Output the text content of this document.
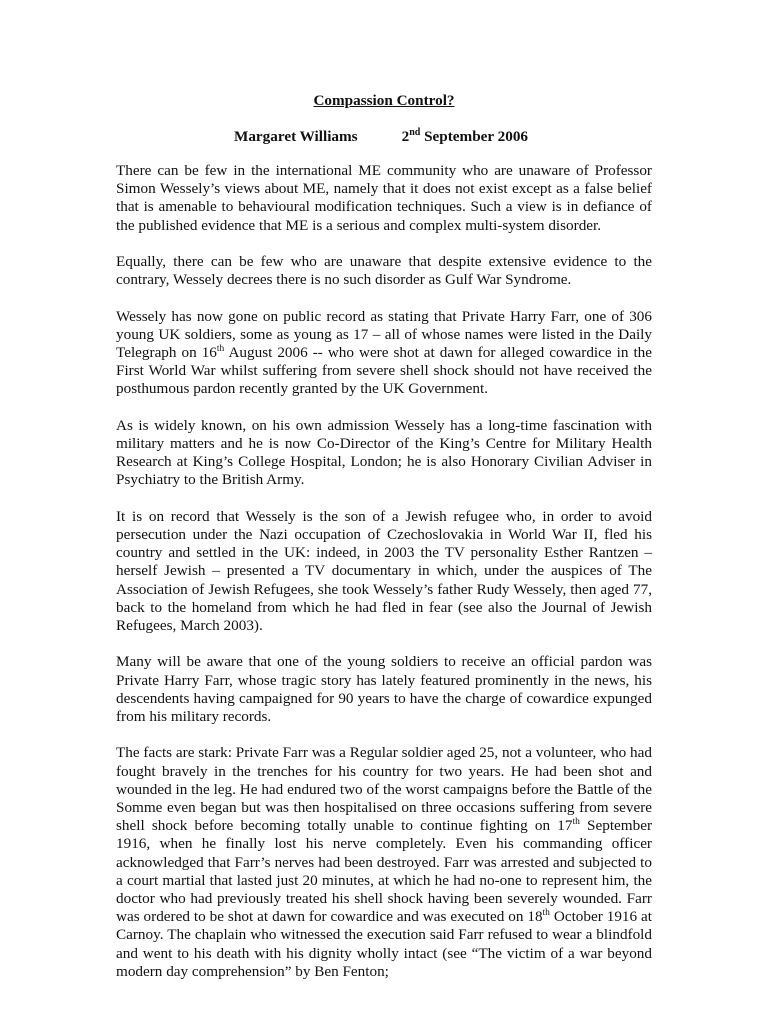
Compassion Control?
Margaret Williams	2nd September 2006

There can be few in the international ME community who are unaware of Professor Simon Wessely’s views about ME, namely that it does not exist except as a false belief that is amenable to behavioural modification techniques. Such a view is in defiance of the published evidence that ME is a serious and complex multi-system disorder.

Equally, there can be few who are unaware that despite extensive evidence to the contrary, Wessely decrees there is no such disorder as Gulf War Syndrome.

Wessely has now gone on public record as stating that Private Harry Farr, one of 306 young UK soldiers, some as young as 17 – all of whose names were listed in the Daily Telegraph on 16th August 2006 -- who were shot at dawn for alleged cowardice in the First World War whilst suffering from severe shell shock should not have received the posthumous pardon recently granted by the UK Government.

As is widely known, on his own admission Wessely has a long-time fascination with military matters and he is now Co-Director of the King’s Centre for Military Health Research at King’s College Hospital, London; he is also Honorary Civilian Adviser in Psychiatry to the British Army.

It is on record that Wessely is the son of a Jewish refugee who, in order to avoid persecution under the Nazi occupation of Czechoslovakia in World War II, fled his country and settled in the UK: indeed, in 2003 the TV personality Esther Rantzen – herself Jewish – presented a TV documentary in which, under the auspices of The Association of Jewish Refugees, she took Wessely’s father Rudy Wessely, then aged 77, back to the homeland from which he had fled in fear (see also the Journal of Jewish Refugees, March 2003).

Many will be aware that one of the young soldiers to receive an official pardon was Private Harry Farr, whose tragic story has lately featured prominently in the news, his descendents having campaigned for 90 years to have the charge of cowardice expunged from his military records.

The facts are stark: Private Farr was a Regular soldier aged 25, not a volunteer, who had fought bravely in the trenches for his country for two years. He had been shot and wounded in the leg. He had endured two of the worst campaigns before the Battle of the Somme even began but was then hospitalised on three occasions suffering from severe shell shock before becoming totally unable to continue fighting on 17th September 1916, when he finally lost his nerve completely. Even his commanding officer acknowledged that Farr’s nerves had been destroyed. Farr was arrested and subjected to a court martial that lasted just 20 minutes, at which he had no-one to represent him, the doctor who had previously treated his shell shock having been severely wounded. Farr was ordered to be shot at dawn for cowardice and was executed on 18th October 1916 at Carnoy. The chaplain who witnessed the execution said Farr refused to wear a blindfold and went to his death with his dignity wholly intact (see “The victim of a war beyond modern day comprehension” by Ben Fenton;
